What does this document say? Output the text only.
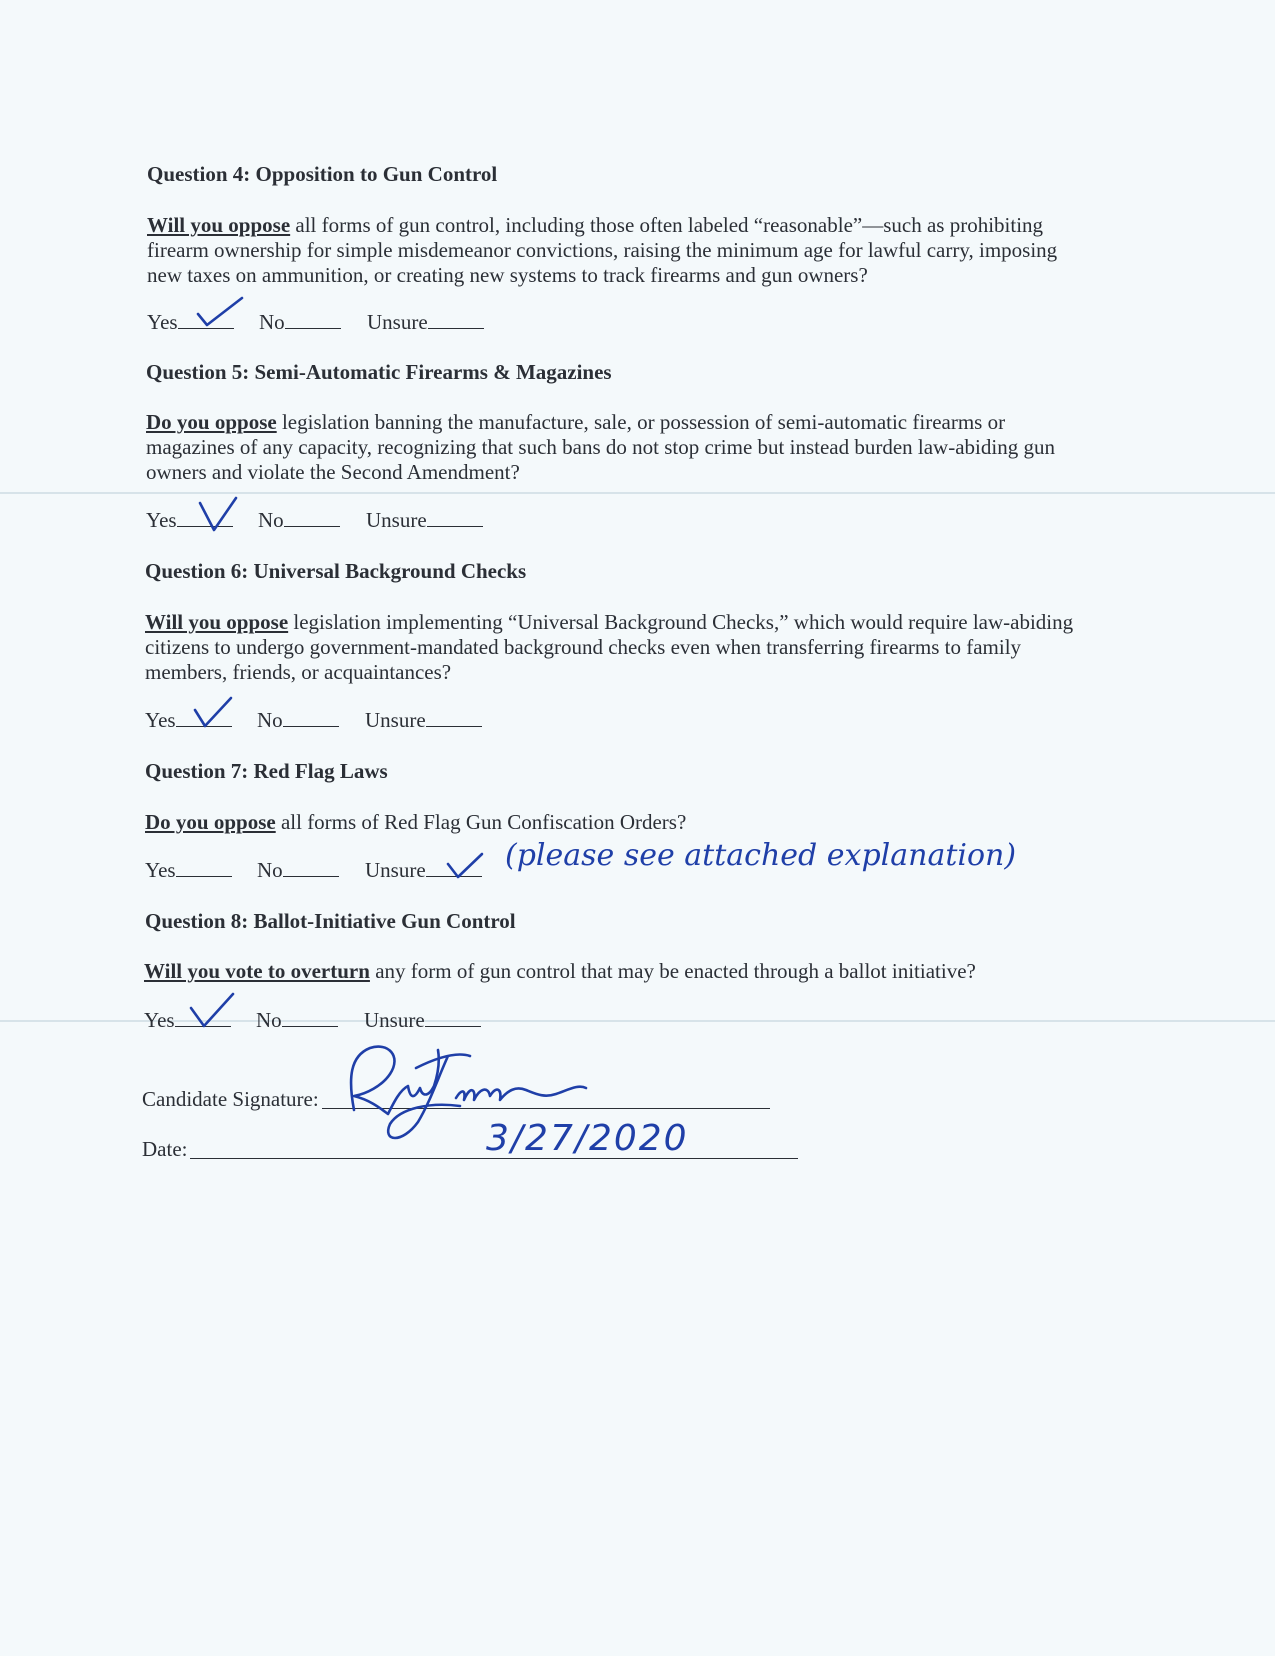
Question 4: Opposition to Gun Control
Will you oppose all forms of gun control, including those often labeled “reasonable”—such as prohibiting firearm ownership for simple misdemeanor convictions, raising the minimum age for lawful carry, imposing new taxes on ammunition, or creating new systems to track firearms and gun owners?
Yes	No	Unsure
Question 5: Semi-Automatic Firearms & Magazines
Do you oppose legislation banning the manufacture, sale, or possession of semi-automatic firearms or magazines of any capacity, recognizing that such bans do not stop crime but instead burden law-abiding gun owners and violate the Second Amendment?
Yes	No	Unsure
Question 6: Universal Background Checks
Will you oppose legislation implementing “Universal Background Checks,” which would require law-abiding citizens to undergo government-mandated background checks even when transferring firearms to family members, friends, or acquaintances?
Yes	No	Unsure
Question 7: Red Flag Laws
Do you oppose all forms of Red Flag Gun Confiscation Orders?
Yes	No	Unsure	(please see attached explanation)
Question 8: Ballot-Initiative Gun Control
Will you vote to overturn any form of gun control that may be enacted through a ballot initiative?
Yes	No	Unsure
Candidate Signature:
Date:	3/27/2020
